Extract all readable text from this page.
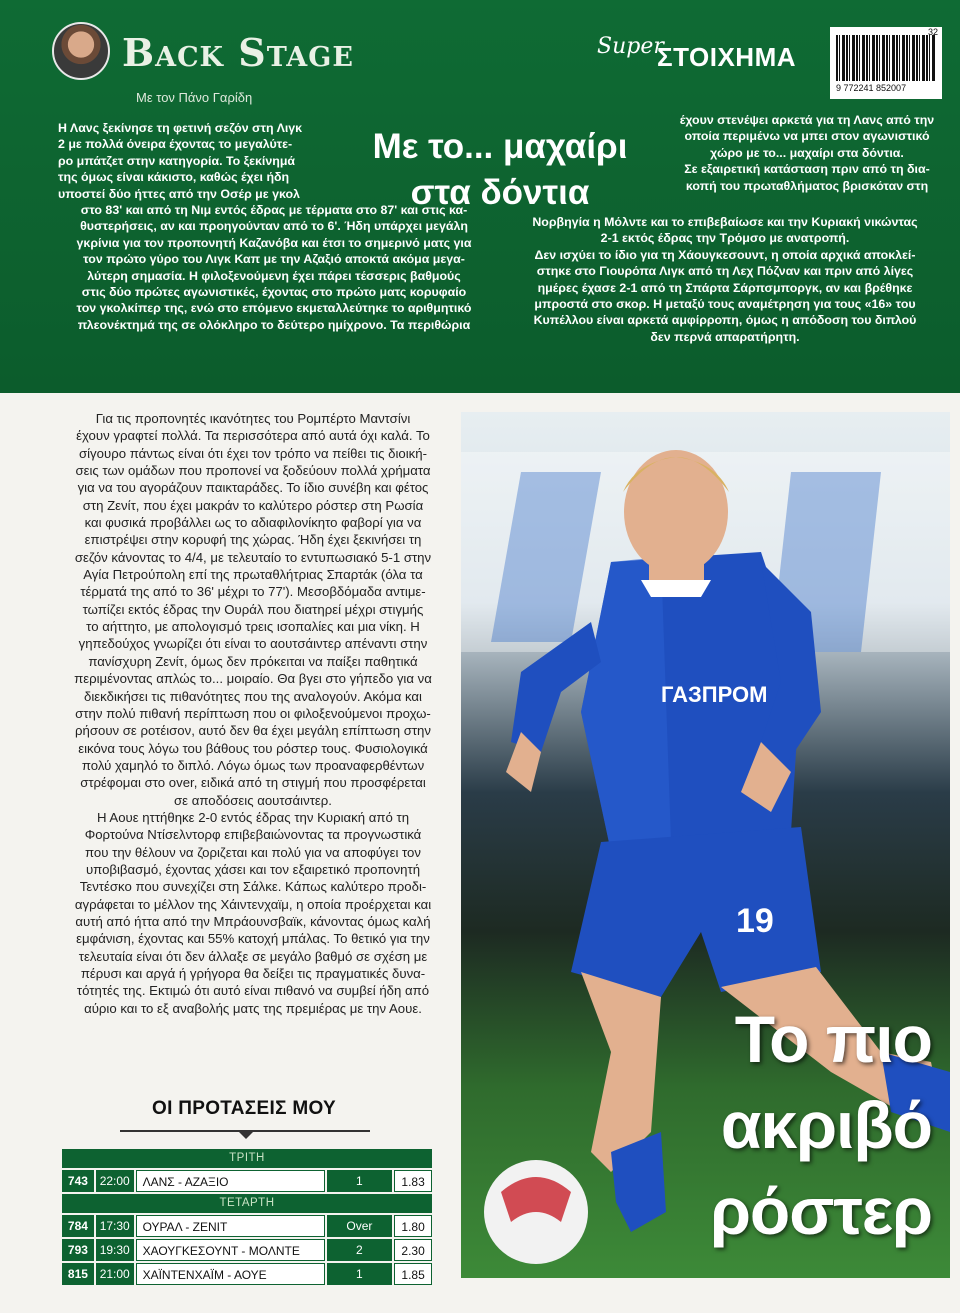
Back Stage
Με τον Πάνο Γαρίδη
Super
ΣΤΟΙΧΗΜΑ
9 772241 852007
32

Η Λανς ξεκίνησε τη φετινή σεζόν στη Λιγκ

2 με πολλά όνειρα έχοντας το μεγαλύτε-

ρο μπάτζετ στην κατηγορία. Το ξεκίνημά

της όμως είναι κάκιστο, καθώς έχει ήδη

υποστεί δύο ήττες από την Οσέρ με γκολ

στο 83' και από τη Νιμ εντός έδρας με τέρματα στο 87' και στις κα-

θυστερήσεις, αν και προηγούνταν από το 6'. Ήδη υπάρχει μεγάλη

γκρίνια για τον προπονητή Καζανόβα και έτσι το σημερινό ματς για

τον πρώτο γύρο του Λιγκ Καπ με την Αζαξιό αποκτά ακόμα μεγα-

λύτερη σημασία. Η φιλοξενούμενη έχει πάρει τέσσερις βαθμούς

στις δύο πρώτες αγωνιστικές, έχοντας στο πρώτο ματς κορυφαίο

τον γκολκίπερ της, ενώ στο επόμενο εκμεταλλεύτηκε το αριθμητικό

πλεονέκτημά της σε ολόκληρο το δεύτερο ημίχρονο. Τα περιθώρια

Με το... μαχαίρι
στα δόντια

έχουν στενέψει αρκετά για τη Λανς από την

οποία περιμένω να μπει στον αγωνιστικό

χώρο με το... μαχαίρι στα δόντια.

Σε εξαιρετική κατάσταση πριν από τη δια-

κοπή του πρωταθλήματος βρισκόταν στη

Νορβηγία η Μόλντε και το επιβεβαίωσε και την Κυριακή νικώντας

2-1 εκτός έδρας την Τρόμσο με ανατροπή.

Δεν ισχύει το ίδιο για τη Χάουγκεσουντ, η οποία αρχικά αποκλεί-

στηκε στο Γιουρόπα Λιγκ από τη Λεχ Πόζναν και πριν από λίγες

ημέρες έχασε 2-1 από τη Σπάρτα Σάρπσμποργκ, αν και βρέθηκε

μπροστά στο σκορ. Η μεταξύ τους αναμέτρηση για τους «16» του

Κυπέλλου είναι αρκετά αμφίρροπη, όμως η απόδοση του διπλού

δεν περνά απαρατήρητη.

Για τις προπονητές ικανότητες του Ρομπέρτο Μαντσίνι

έχουν γραφτεί πολλά. Τα περισσότερα από αυτά όχι καλά. Το

σίγουρο πάντως είναι ότι έχει τον τρόπο να πείθει τις διοική-

σεις των ομάδων που προπονεί να ξοδεύουν πολλά χρήματα

για να του αγοράζουν παικταράδες. Το ίδιο συνέβη και φέτος

στη Ζενίτ, που έχει μακράν το καλύτερο ρόστερ στη Ρωσία

και φυσικά προβάλλει ως το αδιαφιλονίκητο φαβορί για να

επιστρέψει στην κορυφή της χώρας. Ήδη έχει ξεκινήσει τη

σεζόν κάνοντας το 4/4, με τελευταίο το εντυπωσιακό 5-1 στην

Αγία Πετρούπολη επί της πρωταθλήτριας Σπαρτάκ (όλα τα

τέρματά της από το 36' μέχρι το 77'). Μεσοβδόμαδα αντιμε-

τωπίζει εκτός έδρας την Ουράλ που διατηρεί μέχρι στιγμής

το αήττητο, με απολογισμό τρεις ισοπαλίες και μια νίκη. Η

γηπεδούχος γνωρίζει ότι είναι το αουτσάιντερ απέναντι στην

πανίσχυρη Ζενίτ, όμως δεν πρόκειται να παίξει παθητικά

περιμένοντας απλώς το... μοιραίο. Θα βγει στο γήπεδο για να

διεκδικήσει τις πιθανότητες που της αναλογούν. Ακόμα και

στην πολύ πιθανή περίπτωση που οι φιλοξενούμενοι προχω-

ρήσουν σε ροτέισον, αυτό δεν θα έχει μεγάλη επίπτωση στην

εικόνα τους λόγω του βάθους του ρόστερ τους. Φυσιολογικά

πολύ χαμηλό το διπλό. Λόγω όμως των προαναφερθέντων

στρέφομαι στο over, ειδικά από τη στιγμή που προσφέρεται

σε αποδόσεις αουτσάιντερ.

Η Αουε ηττήθηκε 2-0 εντός έδρας την Κυριακή από τη

Φορτούνα Ντίσελντορφ επιβεβαιώνοντας τα προγνωστικά

που την θέλουν να ζοριζεται και πολύ για να αποφύγει τον

υποβιβασμό, έχοντας χάσει και τον εξαιρετικό προπονητή

Τεντέσκο που συνεχίζει στη Σάλκε. Κάπως καλύτερο προδι-

αγράφεται το μέλλον της Χάιντενχαϊμ, η οποία προέρχεται και

αυτή από ήττα από την Μπράουνσβαϊκ, κάνοντας όμως καλή

εμφάνιση, έχοντας και 55% κατοχή μπάλας. Το θετικό για την

τελευταία είναι ότι δεν άλλαξε σε μεγάλο βαθμό σε σχέση με

πέρυσι και αργά ή γρήγορα θα δείξει τις πραγματικές δυνα-

τότητές της. Εκτιμώ ότι αυτό είναι πιθανό να συμβεί ήδη από

αύριο και το εξ αναβολής ματς της πρεμιέρας με την Αουε.

ΟΙ ΠΡΟΤΑΣΕΙΣ ΜΟΥ
ΤΡΙΤΗ
743 22:00	ΛΑΝΣ - ΑΖΑΞΙΟ	1	1.83
ΤΕΤΑΡΤΗ
784 17:30	ΟΥΡΑΛ - ΖΕΝΙΤ	Over	1.80
793 19:30	ΧΑΟΥΓΚΕΣΟΥΝΤ - ΜΟΛΝΤΕ	2	2.30
815 21:00	ΧΑΪΝΤΕΝΧΑΪΜ - ΑΟΥΕ	1	1.85
ГАЗПРОМ
19
Το πιο
ακριβό
ρόστερ
